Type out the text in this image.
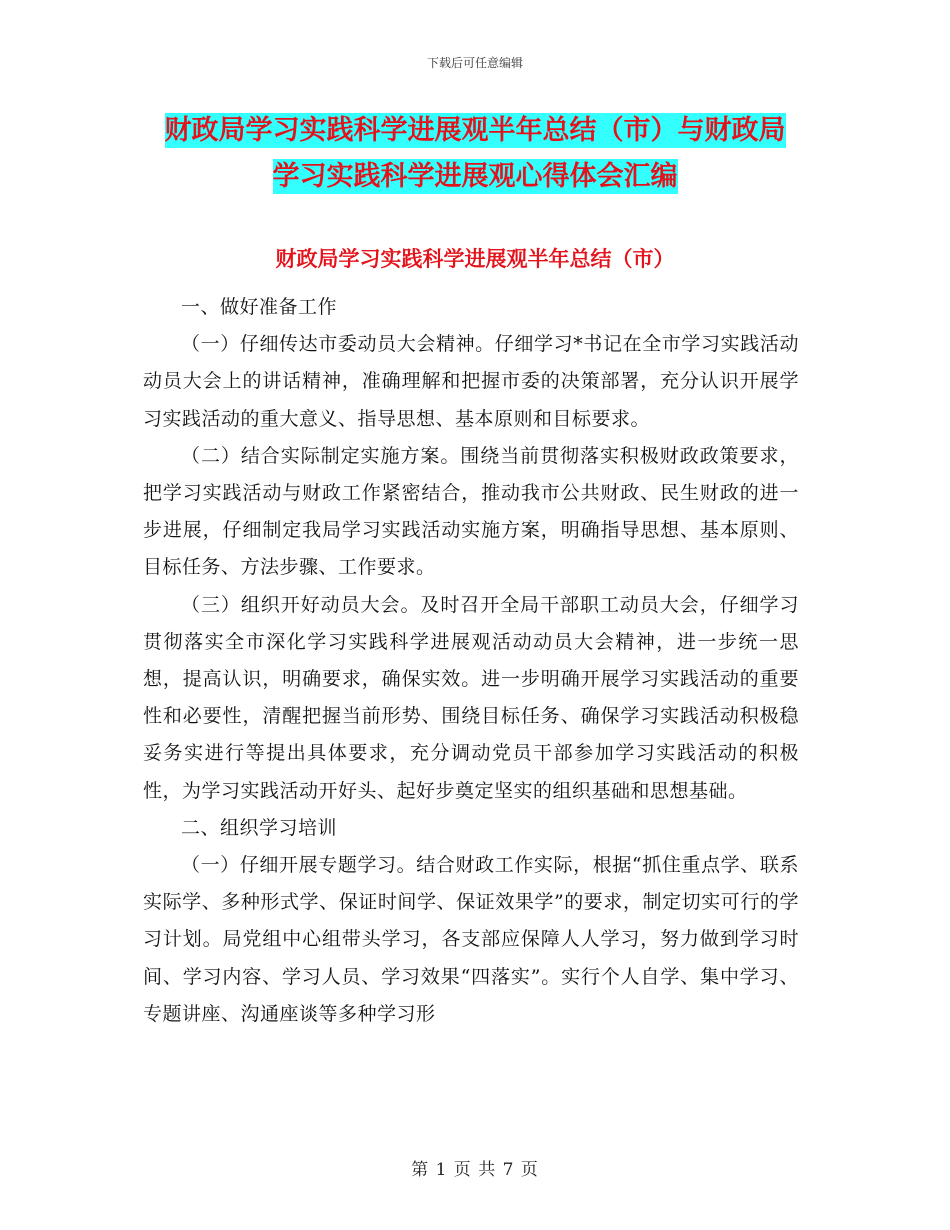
下载后可任意编辑
财政局学习实践科学进展观半年总结（市）与财政局
学习实践科学进展观心得体会汇编
财政局学习实践科学进展观半年总结（市）

一、做好准备工作

（一）仔细传达市委动员大会精神。仔细学习*书记在全市学习实践活动动员大会上的讲话精神，准确理解和把握市委的决策部署，充分认识开展学习实践活动的重大意义、指导思想、基本原则和目标要求。

（二）结合实际制定实施方案。围绕当前贯彻落实积极财政政策要求，把学习实践活动与财政工作紧密结合，推动我市公共财政、民生财政的进一步进展，仔细制定我局学习实践活动实施方案，明确指导思想、基本原则、目标任务、方法步骤、工作要求。

（三）组织开好动员大会。及时召开全局干部职工动员大会，仔细学习贯彻落实全市深化学习实践科学进展观活动动员大会精神，进一步统一思想，提高认识，明确要求，确保实效。进一步明确开展学习实践活动的重要性和必要性，清醒把握当前形势、围绕目标任务、确保学习实践活动积极稳妥务实进行等提出具体要求，充分调动党员干部参加学习实践活动的积极性，为学习实践活动开好头、起好步奠定坚实的组织基础和思想基础。

二、组织学习培训

（一）仔细开展专题学习。结合财政工作实际，根据“抓住重点学、联系实际学、多种形式学、保证时间学、保证效果学”的要求，制定切实可行的学习计划。局党组中心组带头学习，各支部应保障人人学习，努力做到学习时间、学习内容、学习人员、学习效果“四落实”。实行个人自学、集中学习、专题讲座、沟通座谈等多种学习形

第 1 页 共 7 页
